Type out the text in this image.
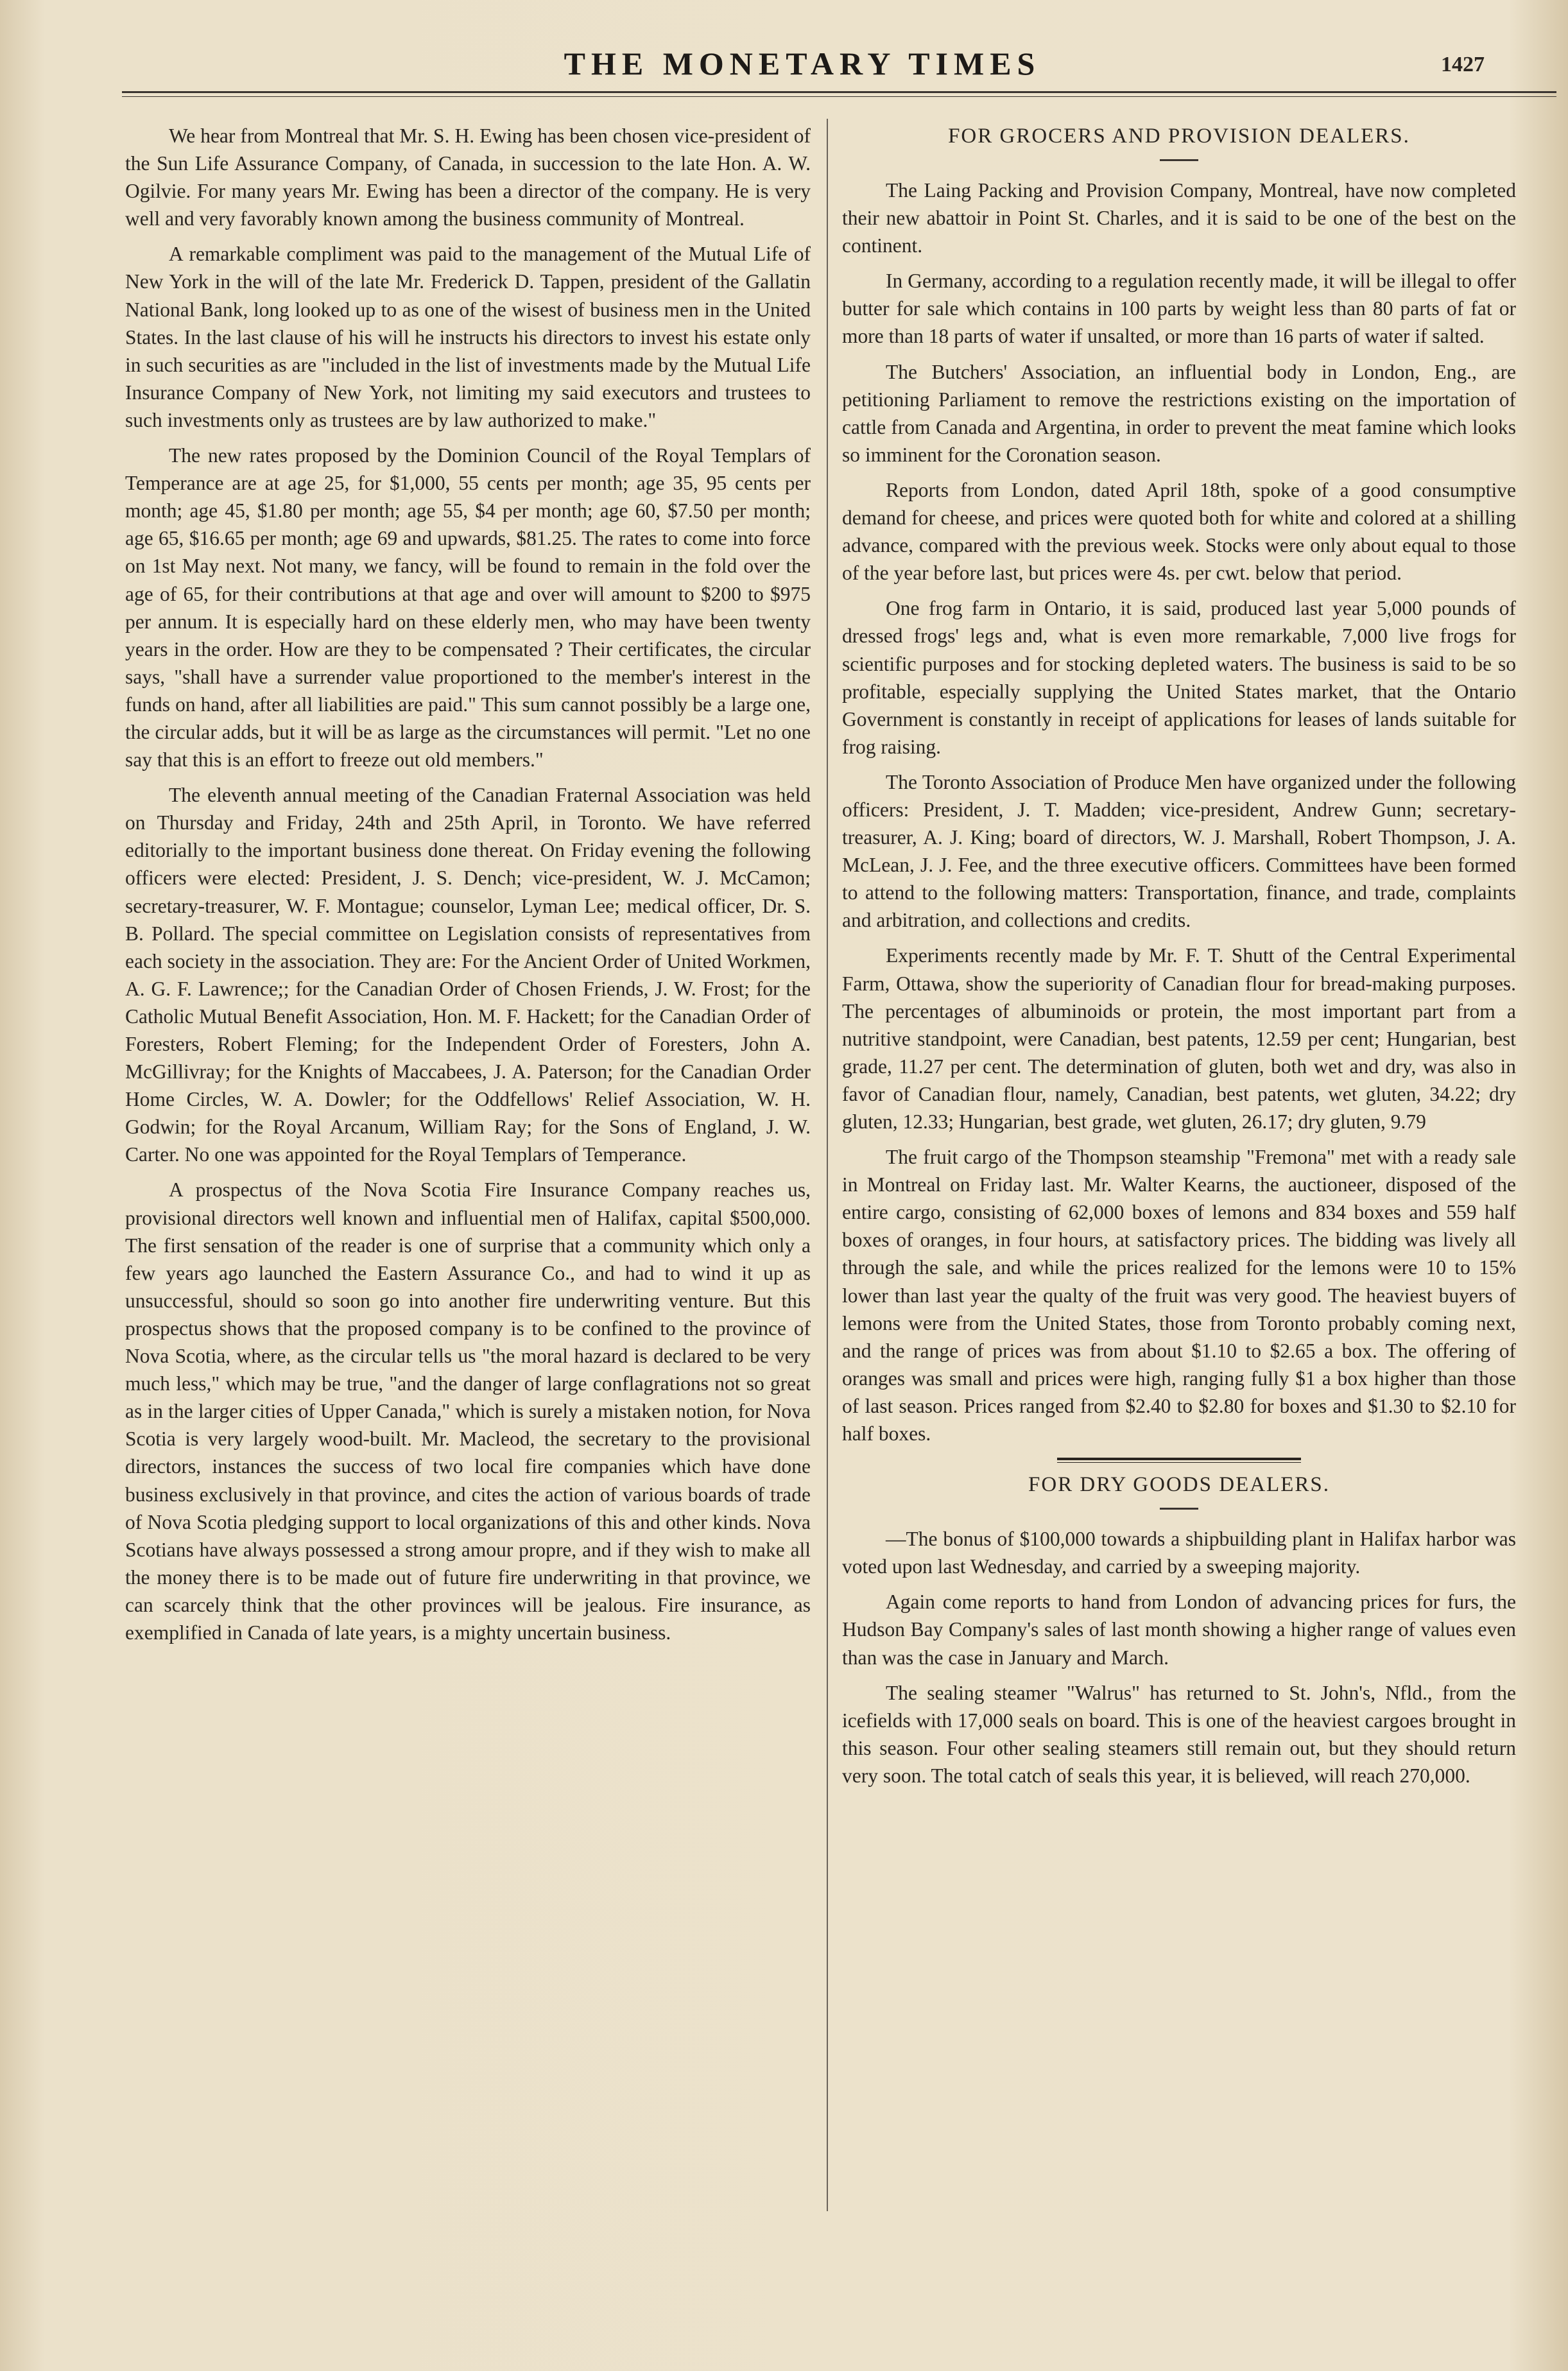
THE MONETARY TIMES	1427

We hear from Montreal that Mr. S. H. Ewing has been chosen vice-president of the Sun Life Assurance Company, of Canada, in succession to the late Hon. A. W. Ogilvie. For many years Mr. Ewing has been a director of the company. He is very well and very favorably known among the business community of Montreal.

A remarkable compliment was paid to the management of the Mutual Life of New York in the will of the late Mr. Frederick D. Tappen, president of the Gallatin National Bank, long looked up to as one of the wisest of business men in the United States. In the last clause of his will he instructs his directors to invest his estate only in such securities as are "included in the list of investments made by the Mutual Life Insurance Company of New York, not limiting my said executors and trustees to such investments only as trustees are by law authorized to make."

The new rates proposed by the Dominion Council of the Royal Templars of Temperance are at age 25, for $1,000, 55 cents per month; age 35, 95 cents per month; age 45, $1.80 per month; age 55, $4 per month; age 60, $7.50 per month; age 65, $16.65 per month; age 69 and upwards, $81.25. The rates to come into force on 1st May next. Not many, we fancy, will be found to remain in the fold over the age of 65, for their contributions at that age and over will amount to $200 to $975 per annum. It is especially hard on these elderly men, who may have been twenty years in the order. How are they to be compensated ? Their certificates, the circular says, "shall have a surrender value proportioned to the member's interest in the funds on hand, after all liabilities are paid." This sum cannot possibly be a large one, the circular adds, but it will be as large as the circumstances will permit. "Let no one say that this is an effort to freeze out old members."

The eleventh annual meeting of the Canadian Fraternal Association was held on Thursday and Friday, 24th and 25th April, in Toronto. We have referred editorially to the important business done thereat. On Friday evening the following officers were elected: President, J. S. Dench; vice-president, W. J. McCamon; secretary-treasurer, W. F. Montague; counselor, Lyman Lee; medical officer, Dr. S. B. Pollard. The special committee on Legislation consists of representatives from each society in the association. They are: For the Ancient Order of United Workmen, A. G. F. Lawrence;; for the Canadian Order of Chosen Friends, J. W. Frost; for the Catholic Mutual Benefit Association, Hon. M. F. Hackett; for the Canadian Order of Foresters, Robert Fleming; for the Independent Order of Foresters, John A. McGillivray; for the Knights of Maccabees, J. A. Paterson; for the Canadian Order Home Circles, W. A. Dowler; for the Oddfellows' Relief Association, W. H. Godwin; for the Royal Arcanum, William Ray; for the Sons of England, J. W. Carter. No one was appointed for the Royal Templars of Temperance.

A prospectus of the Nova Scotia Fire Insurance Company reaches us, provisional directors well known and influential men of Halifax, capital $500,000. The first sensation of the reader is one of surprise that a community which only a few years ago launched the Eastern Assurance Co., and had to wind it up as unsuccessful, should so soon go into another fire underwriting venture. But this prospectus shows that the proposed company is to be confined to the province of Nova Scotia, where, as the circular tells us "the moral hazard is declared to be very much less," which may be true, "and the danger of large conflagrations not so great as in the larger cities of Upper Canada," which is surely a mistaken notion, for Nova Scotia is very largely wood-built. Mr. Macleod, the secretary to the provisional directors, instances the success of two local fire companies which have done business exclusively in that province, and cites the action of various boards of trade of Nova Scotia pledging support to local organizations of this and other kinds. Nova Scotians have always possessed a strong amour propre, and if they wish to make all the money there is to be made out of future fire underwriting in that province, we can scarcely think that the other provinces will be jealous. Fire insurance, as exemplified in Canada of late years, is a mighty uncertain business.

FOR GROCERS AND PROVISION DEALERS.

The Laing Packing and Provision Company, Montreal, have now completed their new abattoir in Point St. Charles, and it is said to be one of the best on the continent.

In Germany, according to a regulation recently made, it will be illegal to offer butter for sale which contains in 100 parts by weight less than 80 parts of fat or more than 18 parts of water if unsalted, or more than 16 parts of water if salted.

The Butchers' Association, an influential body in London, Eng., are petitioning Parliament to remove the restrictions existing on the importation of cattle from Canada and Argentina, in order to prevent the meat famine which looks so imminent for the Coronation season.

Reports from London, dated April 18th, spoke of a good consumptive demand for cheese, and prices were quoted both for white and colored at a shilling advance, compared with the previous week. Stocks were only about equal to those of the year before last, but prices were 4s. per cwt. below that period.

One frog farm in Ontario, it is said, produced last year 5,000 pounds of dressed frogs' legs and, what is even more remarkable, 7,000 live frogs for scientific purposes and for stocking depleted waters. The business is said to be so profitable, especially supplying the United States market, that the Ontario Government is constantly in receipt of applications for leases of lands suitable for frog raising.

The Toronto Association of Produce Men have organized under the following officers: President, J. T. Madden; vice-president, Andrew Gunn; secretary-treasurer, A. J. King; board of directors, W. J. Marshall, Robert Thompson, J. A. McLean, J. J. Fee, and the three executive officers. Committees have been formed to attend to the following matters: Transportation, finance, and trade, complaints and arbitration, and collections and credits.

Experiments recently made by Mr. F. T. Shutt of the Central Experimental Farm, Ottawa, show the superiority of Canadian flour for bread-making purposes. The percentages of albuminoids or protein, the most important part from a nutritive standpoint, were Canadian, best patents, 12.59 per cent; Hungarian, best grade, 11.27 per cent. The determination of gluten, both wet and dry, was also in favor of Canadian flour, namely, Canadian, best patents, wet gluten, 34.22; dry gluten, 12.33; Hungarian, best grade, wet gluten, 26.17; dry gluten, 9.79

The fruit cargo of the Thompson steamship "Fremona" met with a ready sale in Montreal on Friday last. Mr. Walter Kearns, the auctioneer, disposed of the entire cargo, consisting of 62,000 boxes of lemons and 834 boxes and 559 half boxes of oranges, in four hours, at satisfactory prices. The bidding was lively all through the sale, and while the prices realized for the lemons were 10 to 15% lower than last year the qualty of the fruit was very good. The heaviest buyers of lemons were from the United States, those from Toronto probably coming next, and the range of prices was from about $1.10 to $2.65 a box. The offering of oranges was small and prices were high, ranging fully $1 a box higher than those of last season. Prices ranged from $2.40 to $2.80 for boxes and $1.30 to $2.10 for half boxes.

FOR DRY GOODS DEALERS.

—The bonus of $100,000 towards a shipbuilding plant in Halifax harbor was voted upon last Wednesday, and carried by a sweeping majority.

Again come reports to hand from London of advancing prices for furs, the Hudson Bay Company's sales of last month showing a higher range of values even than was the case in January and March.

The sealing steamer "Walrus" has returned to St. John's, Nfld., from the icefields with 17,000 seals on board. This is one of the heaviest cargoes brought in this season. Four other sealing steamers still remain out, but they should return very soon. The total catch of seals this year, it is believed, will reach 270,000.
